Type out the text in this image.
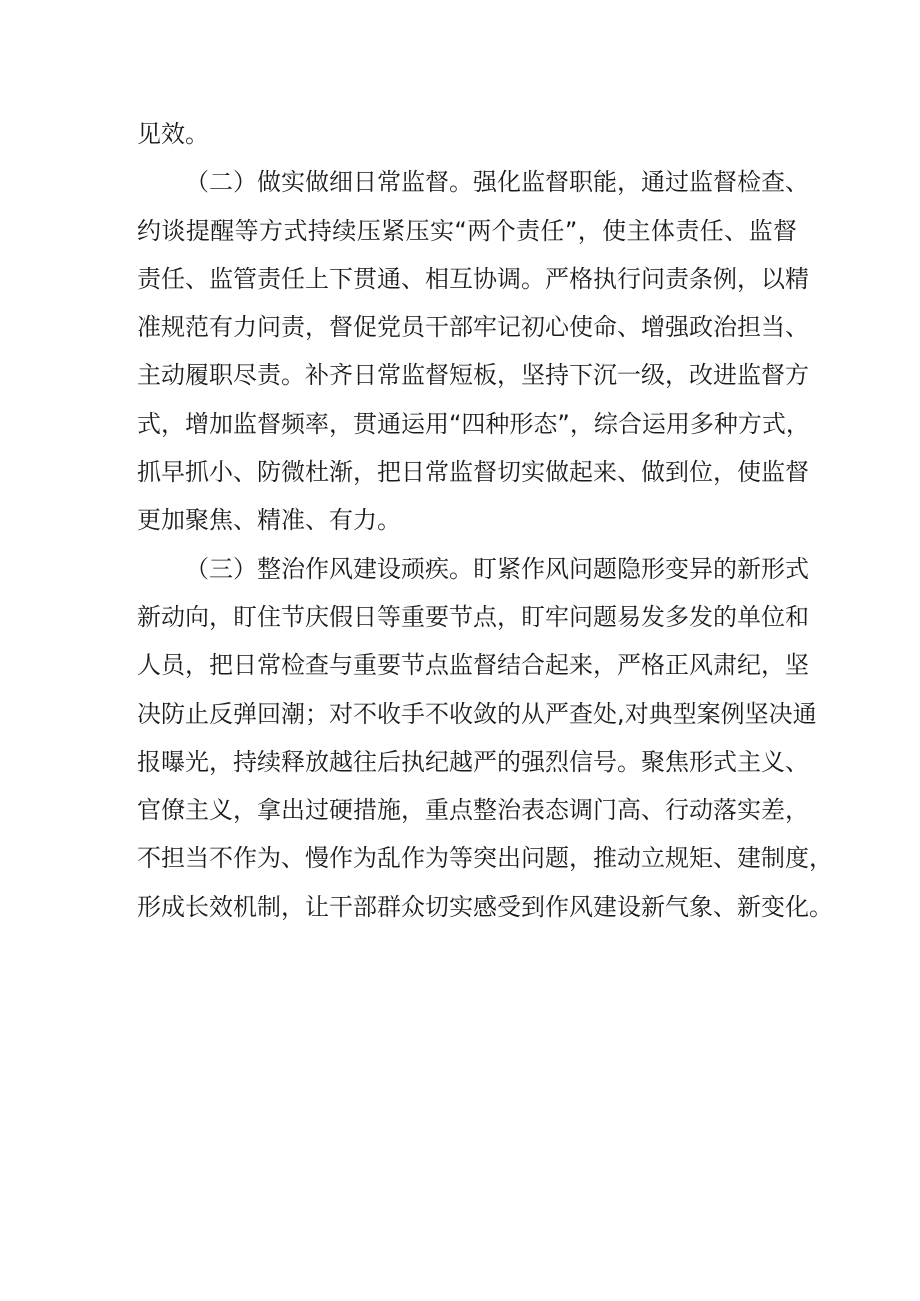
见效。
（二）做实做细日常监督。强化监督职能，通过监督检查、
约谈提醒等方式持续压紧压实“两个责任”，使主体责任、监督
责任、监管责任上下贯通、相互协调。严格执行问责条例，以精
准规范有力问责，督促党员干部牢记初心使命、增强政治担当、
主动履职尽责。补齐日常监督短板，坚持下沉一级，改进监督方
式，增加监督频率，贯通运用“四种形态”，综合运用多种方式，
抓早抓小、防微杜渐，把日常监督切实做起来、做到位，使监督
更加聚焦、精准、有力。
（三）整治作风建设顽疾。盯紧作风问题隐形变异的新形式
新动向，盯住节庆假日等重要节点，盯牢问题易发多发的单位和
人员，把日常检查与重要节点监督结合起来，严格正风肃纪，坚
决防止反弹回潮；对不收手不收敛的从严查处,对典型案例坚决通
报曝光，持续释放越往后执纪越严的强烈信号。聚焦形式主义、
官僚主义，拿出过硬措施，重点整治表态调门高、行动落实差，
不担当不作为、慢作为乱作为等突出问题，推动立规矩、建制度，
形成长效机制，让干部群众切实感受到作风建设新气象、新变化。
